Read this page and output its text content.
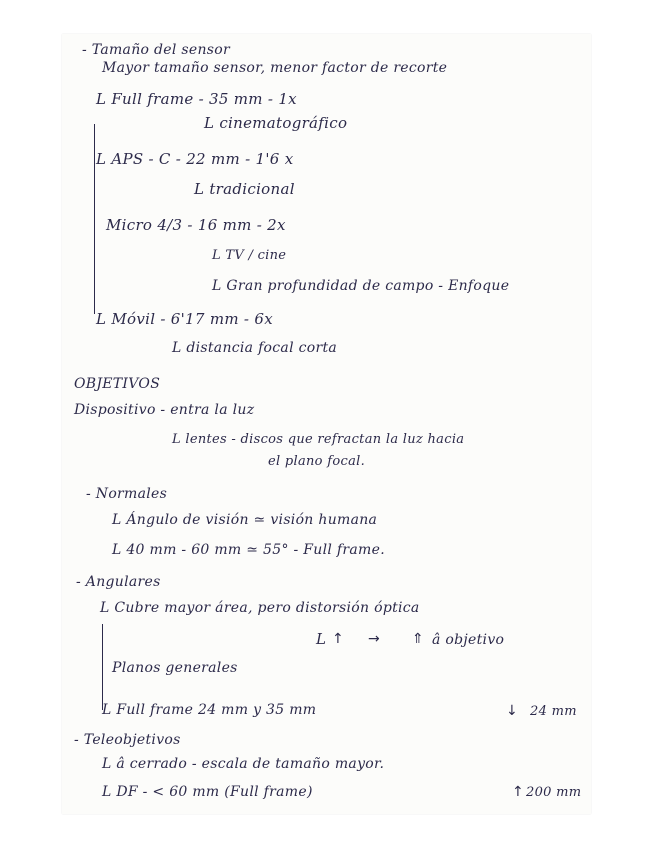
- Tamaño del sensor
Mayor tamaño sensor, menor factor de recorte
L Full frame - 35 mm - 1x
L cinematográfico
L APS - C - 22 mm - 1'6 x
L tradicional
Micro 4/3 - 16 mm - 2x
L TV / cine
L Gran profundidad de campo - Enfoque
L Móvil - 6'17 mm - 6x
L distancia focal corta
OBJETIVOS
Dispositivo - entra la luz
L lentes - discos que refractan la luz hacia
el plano focal.
- Normales
L Ángulo de visión ≃ visión humana
L 40 mm - 60 mm ≃ 55° - Full frame.
- Angulares
L Cubre mayor área, pero distorsión óptica
L ↑ → ⇑ â objetivo
Planos generales
L Full frame 24 mm y 35 mm	↓ 24 mm
- Teleobjetivos
L â cerrado - escala de tamaño mayor.
L DF - < 60 mm (Full frame)	↑ 200 mm
